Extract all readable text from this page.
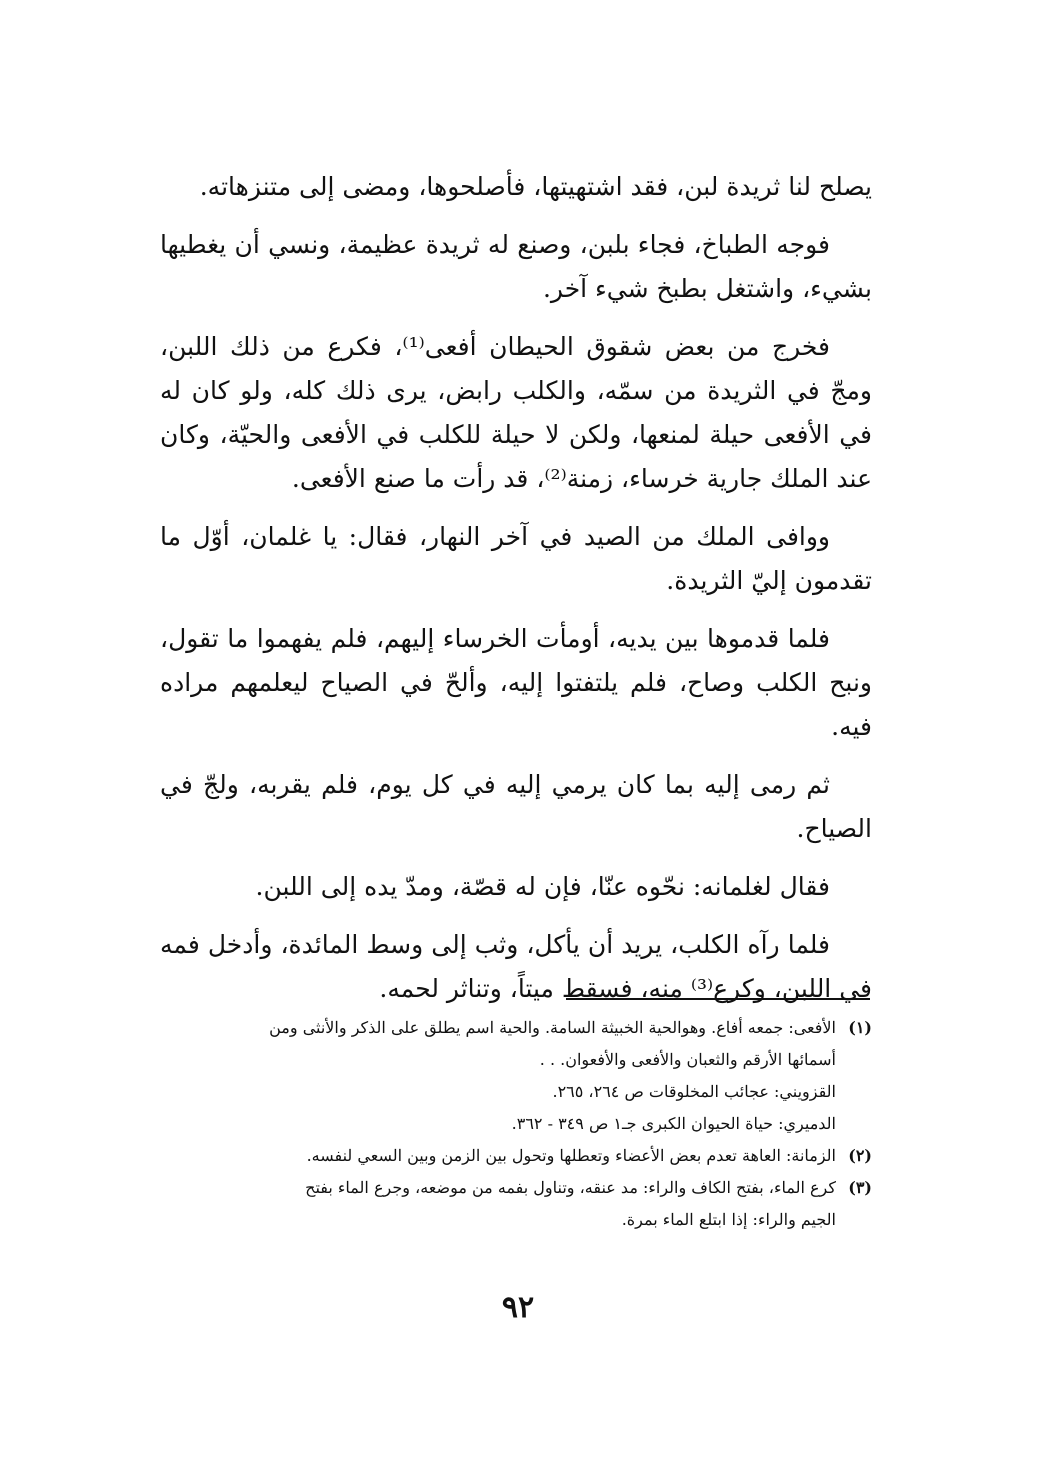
يصلح لنا ثريدة لبن، فقد اشتهيتها، فأصلحوها، ومضى إلى متنزهاته.

فوجه الطباخ، فجاء بلبن، وصنع له ثريدة عظيمة، ونسي أن يغطيها بشيء، واشتغل بطبخ شيء آخر.

فخرج من بعض شقوق الحيطان أفعى⁽¹⁾، فكرع من ذلك اللبن، ومجّ في الثريدة من سمّه، والكلب رابض، يرى ذلك كله، ولو كان له في الأفعى حيلة لمنعها، ولكن لا حيلة للكلب في الأفعى والحيّة، وكان عند الملك جارية خرساء، زمنة⁽²⁾، قد رأت ما صنع الأفعى.

ووافى الملك من الصيد في آخر النهار، فقال: يا غلمان، أوّل ما تقدمون إليّ الثريدة.

فلما قدموها بين يديه، أومأت الخرساء إليهم، فلم يفهموا ما تقول، ونبح الكلب وصاح، فلم يلتفتوا إليه، وألحّ في الصياح ليعلمهم مراده فيه.

ثم رمى إليه بما كان يرمي إليه في كل يوم، فلم يقربه، ولجّ في الصياح.

فقال لغلمانه: نحّوه عنّا، فإن له قصّة، ومدّ يده إلى اللبن.

فلما رآه الكلب، يريد أن يأكل، وثب إلى وسط المائدة، وأدخل فمه في اللبن، وكرع⁽³⁾ منه، فسقط ميتاً، وتناثر لحمه.

(١)
الأفعى: جمعه أفاع. وهوالحية الخبيثة السامة. والحية اسم يطلق على الذكر والأنثى ومن
أسمائها الأرقم والثعبان والأفعى والأفعوان. . .
القزويني: عجائب المخلوقات ص ٢٦٤، ٢٦٥.
الدميري: حياة الحيوان الكبرى جـ١ ص ٣٤٩ - ٣٦٢.
(٢)
الزمانة: العاهة تعدم بعض الأعضاء وتعطلها وتحول بين الزمن وبين السعي لنفسه.
(٣)
كرع الماء، بفتح الكاف والراء: مد عنقه، وتناول بفمه من موضعه، وجرع الماء بفتح
الجيم والراء: إذا ابتلع الماء بمرة.
٩٢
